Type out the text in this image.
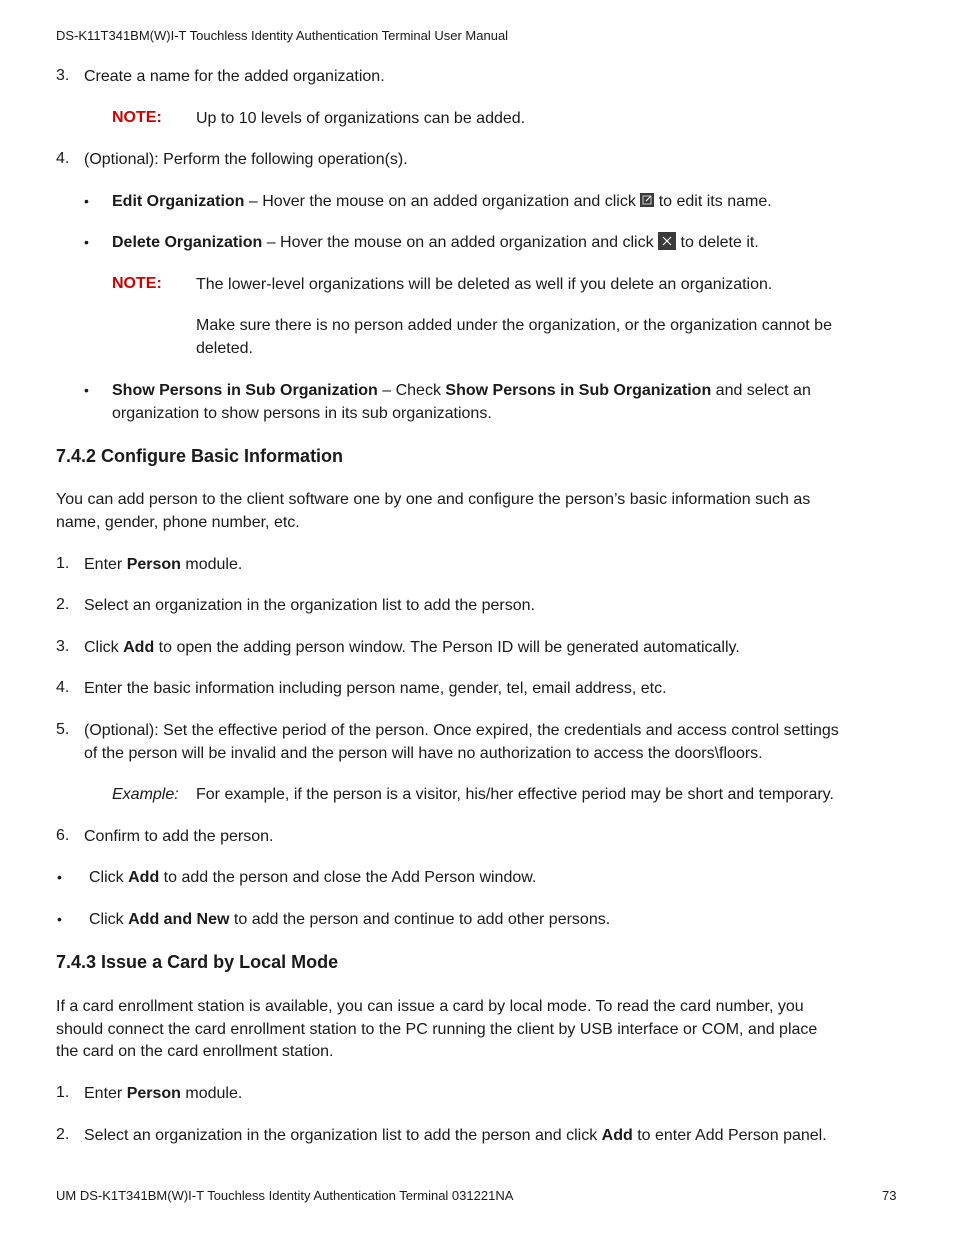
DS-K11T341BM(W)I-T Touchless Identity Authentication Terminal User Manual
3. Create a name for the added organization.
NOTE: Up to 10 levels of organizations can be added.
4. (Optional): Perform the following operation(s).
• Edit Organization – Hover the mouse on an added organization and click
to edit its name.
• Delete Organization – Hover the mouse on an added organization and click
to delete it.
NOTE: The lower-level organizations will be deleted as well if you delete an organization.
Make sure there is no person added under the organization, or the organization cannot be
deleted.
• Show Persons in Sub Organization – Check Show Persons in Sub Organization and select an
organization to show persons in its sub organizations.
7.4.2 Configure Basic Information
You can add person to the client software one by one and configure the person’s basic information such as
name, gender, phone number, etc.
1. Enter Person module.
2. Select an organization in the organization list to add the person.
3. Click Add to open the adding person window. The Person ID will be generated automatically.
4. Enter the basic information including person name, gender, tel, email address, etc.
5. (Optional): Set the effective period of the person. Once expired, the credentials and access control settings
of the person will be invalid and the person will have no authorization to access the doors\floors.
Example: For example, if the person is a visitor, his/her effective period may be short and temporary.
6. Confirm to add the person.
• Click Add to add the person and close the Add Person window.
• Click Add and New to add the person and continue to add other persons.
7.4.3 Issue a Card by Local Mode
If a card enrollment station is available, you can issue a card by local mode. To read the card number, you
should connect the card enrollment station to the PC running the client by USB interface or COM, and place
the card on the card enrollment station.
1. Enter Person module.
2. Select an organization in the organization list to add the person and click Add to enter Add Person panel.
UM DS-K1T341BM(W)I-T Touchless Identity Authentication Terminal 031221NA	73
